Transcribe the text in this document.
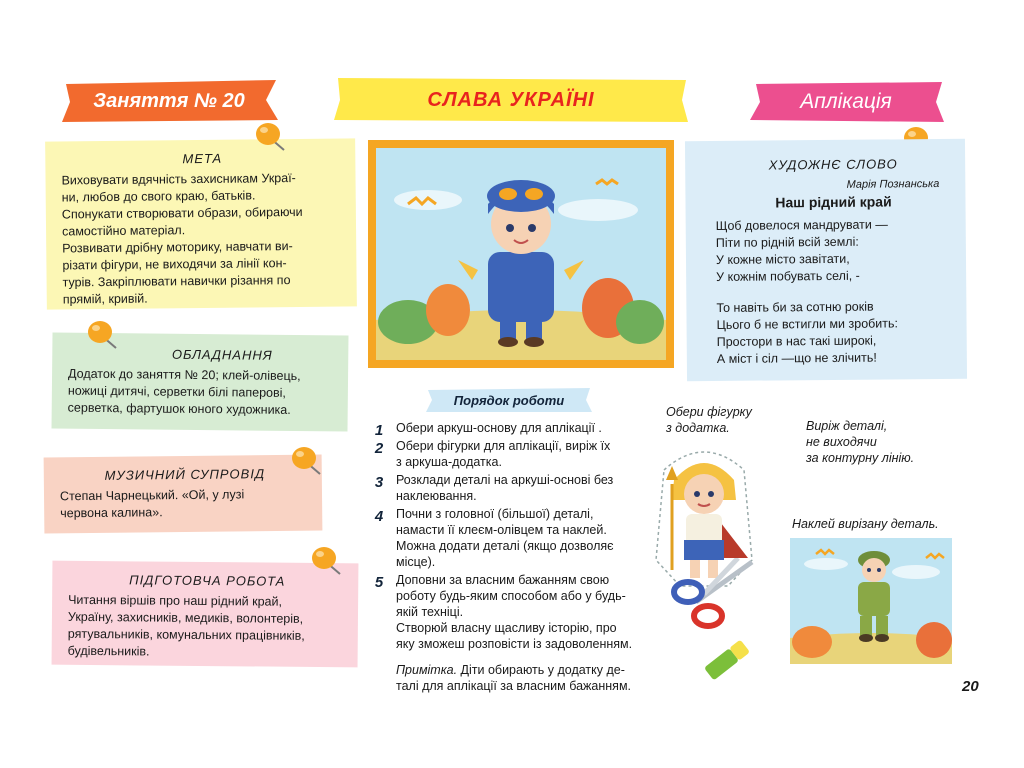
Заняття № 20	СЛАВА УКРАЇНІ	Аплікація
МЕТА

Виховувати вдячність захисникам Украї-

ни, любов до свого краю, батьків.

Спонукати створювати образи, обираючи

самостійно матеріал.

Розвивати дрібну моторику, навчати ви-

різати фігури, не виходячи за лінії кон-

турів. Закріплювати навички різання по

прямій, кривій.

ОБЛАДНАННЯ

Додаток до заняття № 20; клей-олівець,

ножиці дитячі, серветки білі паперові,

серветка, фартушок юного художника.

МУЗИЧНИЙ СУПРОВІД

Степан Чарнецький. «Ой, у лузі

червона калина».

ПІДГОТОВЧА РОБОТА

Читання віршів про наш рідний край,

Україну, захисників, медиків, волонтерів,

рятувальників, комунальних працівників,

будівельників.

ХУДОЖНЄ СЛОВО

Марія Познанська

Наш рідний край

Щоб довелося мандрувати —

Піти по рідній всій землі:

У кожне місто завітати,

У кожнім побувать селі, -

То навіть би за сотню років

Цього б не встигли ми зробить:

Простори в нас такі широкі,

А міст і сіл —що не злічить!

Порядок роботи
1	Обери аркуш-основу для аплікації .

2	Обери фігурки для аплікації, виріж їх

з аркуша-додатка.

3	Розклади деталі на аркуші-основі без

наклеювання.

4	Почни з головної (більшої) деталі,

намасти її клеєм-олівцем та наклей.

Можна додати деталі (якщо дозволяє

місце).

5	Доповни за власним бажанням свою

роботу будь-яким способом або у будь-

якій техніці.

Створюй власну щасливу історію, про

яку зможеш розповісти із задоволенням.

Примітка. Діти обирають у додатку де-

талі для аплікації за власним бажанням.

Обери фігурку

з додатка.	Виріж деталі,

не виходячи

за контурну лінію.

Наклей вирізану деталь.

20
